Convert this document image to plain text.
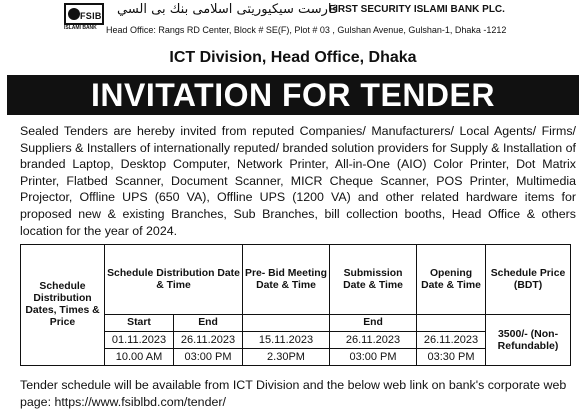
FSIB
ISLAMI BANK
فارست سيكيوريتى اسلامى بنك بى السي
FIRST SECURITY ISLAMI BANK PLC.
Head Office: Rangs RD Center, Block # SE(F), Plot # 03 , Gulshan Avenue, Gulshan-1, Dhaka -1212
ICT Division, Head Office, Dhaka
INVITATION FOR TENDER
Sealed Tenders are hereby invited from reputed Companies/ Manufacturers/ Local Agents/ Firms/ Suppliers & Installers of internationally reputed/ branded solution providers for Supply & Installation of branded Laptop, Desktop Computer, Network Printer, All-in-One (AIO) Color Printer, Dot Matrix Printer, Flatbed Scanner, Document Scanner, MICR Cheque Scanner, POS Printer, Multimedia Projector, Offline UPS (650 VA), Offline UPS (1200 VA) and other related hardware items for proposed new & existing Branches, Sub Branches, bill collection booths, Head Office & others location for the year of 2024.
Schedule Distribution Dates, Times & Price	Schedule Distribution Date & Time		Pre- Bid Meeting Date & Time	Submission Date & Time	Opening Date & Time	Schedule Price (BDT)
	Start	End		End		3500/- (Non-Refundable)
	01.11.2023	26.11.2023	15.11.2023	26.11.2023	26.11.2023	
	10.00 AM	03:00 PM	2.30PM	03:00 PM	03:30 PM	
Tender schedule will be available from ICT Division and the below web link on bank's corporate web page: https://www.fsiblbd.com/tender/
